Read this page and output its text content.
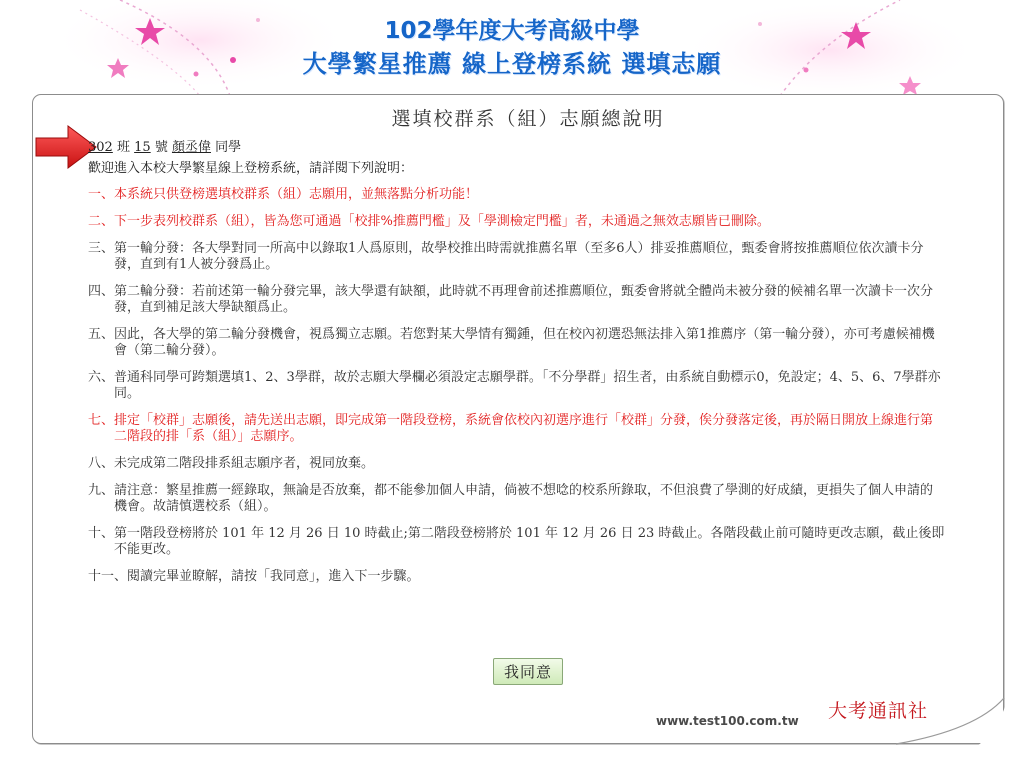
102學年度大考高級中學
大學繁星推薦 線上登榜系統 選填志願
選填校群系（組）志願總說明
302 班 15 號 顏丞偉 同學
歡迎進入本校大學繁星線上登榜系統，請詳閱下列說明：
一、 本系統只供登榜選填校群系（組）志願用，並無落點分析功能！
二、 下一步表列校群系（組），皆為您可通過「校排%推薦門檻」及「學測檢定門檻」者，未通過之無效志願皆已刪除。
三、 第一輪分發：各大學對同一所高中以錄取1人爲原則，故學校推出時需就推薦名單（至多6人）排妥推薦順位，甄委會將按推薦順位依次讀卡分發，直到有1人被分發爲止。
四、 第二輪分發：若前述第一輪分發完畢，該大學還有缺額，此時就不再理會前述推薦順位，甄委會將就全體尚未被分發的候補名單一次讀卡一次分發，直到補足該大學缺額爲止。
五、 因此，各大學的第二輪分發機會，視爲獨立志願。若您對某大學情有獨鍾，但在校內初選恐無法排入第1推薦序（第一輪分發），亦可考慮候補機會（第二輪分發）。
六、 普通科同學可跨類選填1、2、3學群，故於志願大學欄必須設定志願學群。「不分學群」招生者，由系統自動標示0，免設定；4、5、6、7學群亦同。
七、 排定「校群」志願後，請先送出志願，即完成第一階段登榜，系統會依校內初選序進行「校群」分發，俟分發落定後，再於隔日開放上線進行第二階段的排「系（組）」志願序。
八、 未完成第二階段排系組志願序者，視同放棄。
九、 請注意：繁星推薦一經錄取，無論是否放棄，都不能參加個人申請，倘被不想唸的校系所錄取，不但浪費了學測的好成績，更損失了個人申請的機會。故請慎選校系（組）。
十、 第一階段登榜將於 101 年 12 月 26 日 10 時截止;第二階段登榜將於 101 年 12 月 26 日 23 時截止。各階段截止前可隨時更改志願，截止後即不能更改。
十一、 閱讀完畢並瞭解，請按「我同意」，進入下一步驟。
我同意
www.test100.com.tw 大考通訊社
